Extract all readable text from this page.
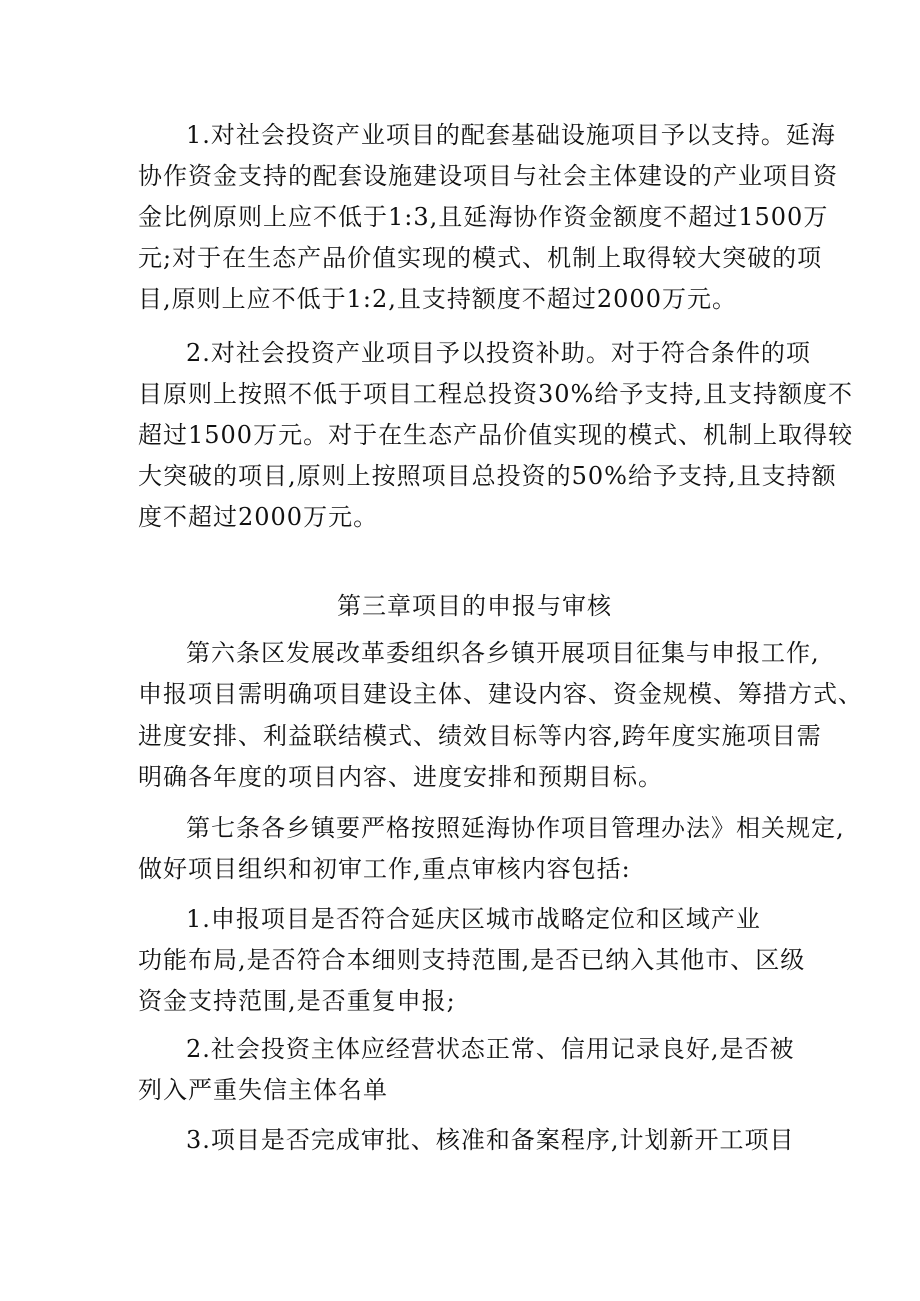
1.对社会投资产业项目的配套基础设施项目予以支持。延海
协作资金支持的配套设施建设项目与社会主体建设的产业项目资
金比例原则上应不低于1:3,且延海协作资金额度不超过1500万
元;对于在生态产品价值实现的模式、机制上取得较大突破的项
目,原则上应不低于1:2,且支持额度不超过2000万元。
2.对社会投资产业项目予以投资补助。对于符合条件的项
目原则上按照不低于项目工程总投资30%给予支持,且支持额度不
超过1500万元。对于在生态产品价值实现的模式、机制上取得较
大突破的项目,原则上按照项目总投资的50%给予支持,且支持额
度不超过2000万元。
第三章项目的申报与审核
第六条区发展改革委组织各乡镇开展项目征集与申报工作,
申报项目需明确项目建设主体、建设内容、资金规模、筹措方式、
进度安排、利益联结模式、绩效目标等内容,跨年度实施项目需
明确各年度的项目内容、进度安排和预期目标。
第七条各乡镇要严格按照延海协作项目管理办法》相关规定,
做好项目组织和初审工作,重点审核内容包括:
1.申报项目是否符合延庆区城市战略定位和区域产业
功能布局,是否符合本细则支持范围,是否已纳入其他市、区级
资金支持范围,是否重复申报;
2.社会投资主体应经营状态正常、信用记录良好,是否被
列入严重失信主体名单
3.项目是否完成审批、核准和备案程序,计划新开工项目
